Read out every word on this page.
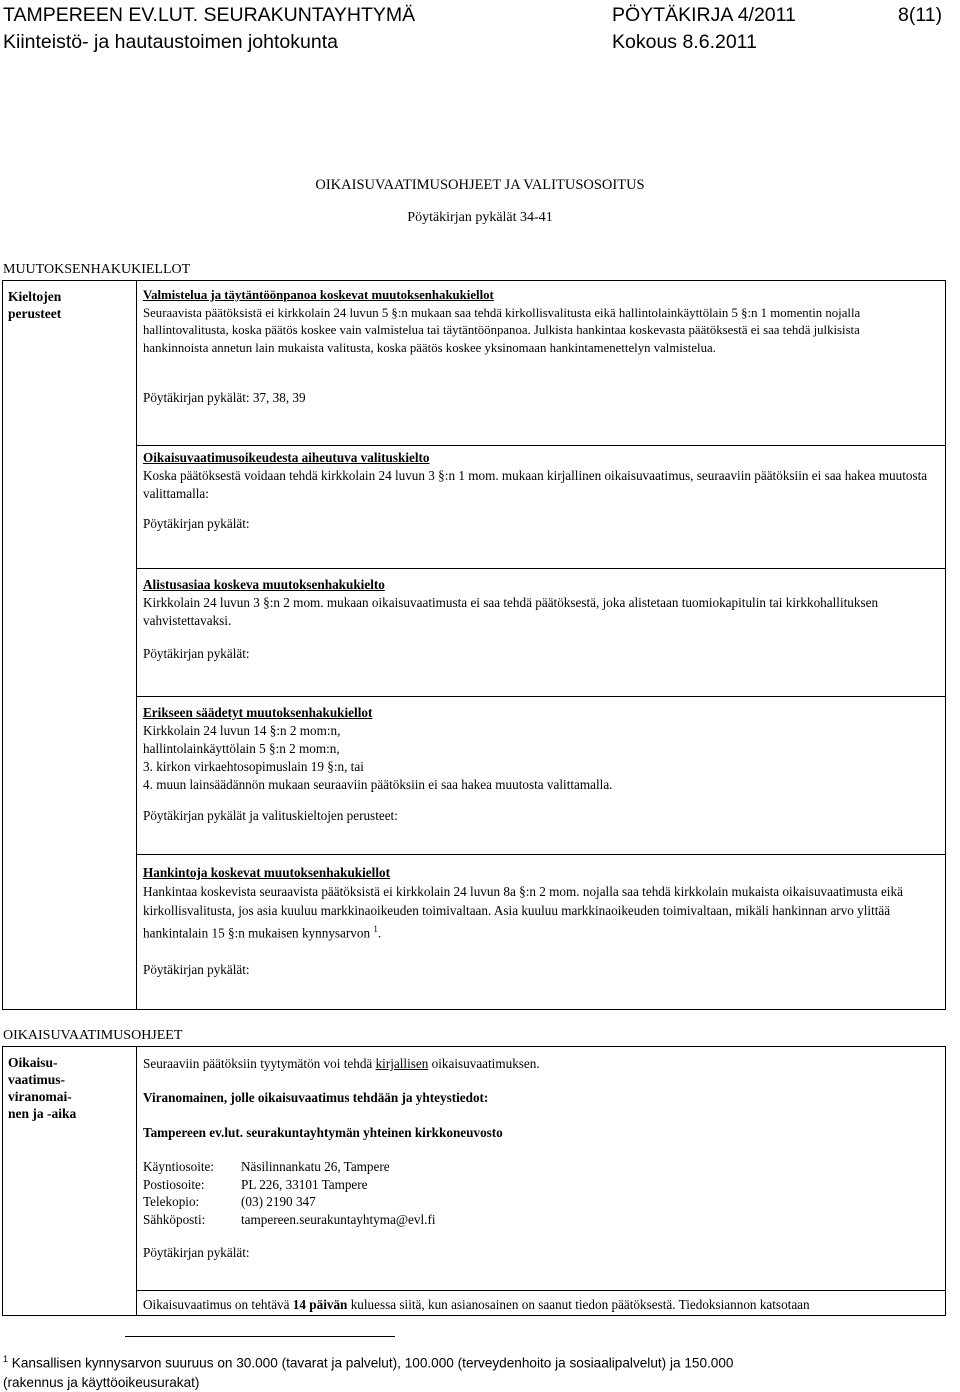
TAMPEREEN EV.LUT. SEURAKUNTAYHTYMÄ	PÖYTÄKIRJA 4/2011	8(11)
Kiinteistö- ja hautaustoimen johtokunta	Kokous 8.6.2011
OIKAISUVAATIMUSOHJEET JA VALITUSOSOITUS
Pöytäkirjan pykälät 34-41
MUUTOKSENHAKUKIELLOT
Kieltojen
perusteet

Valmistelua ja täytäntöönpanoa koskevat muutoksenhakukiellot

Seuraavista päätöksistä ei kirkkolain 24 luvun 5 §:n mukaan saa tehdä kirkollisvalitusta eikä hallintolainkäyttölain 5 §:n 1 momentin nojalla hallintovalitusta, koska päätös koskee vain valmistelua tai täytäntöönpanoa. Julkista hankintaa koskevasta päätöksestä ei saa tehdä julkisista hankinnoista annetun lain mukaista valitusta, koska päätös koskee yksinomaan hankintamenettelyn valmistelua.

Pöytäkirjan pykälät: 37, 38, 39

Oikaisuvaatimusoikeudesta aiheutuva valituskielto

Koska päätöksestä voidaan tehdä kirkkolain 24 luvun 3 §:n 1 mom. mukaan kirjallinen oikaisuvaatimus, seuraaviin päätöksiin ei saa hakea muutosta valittamalla:

Pöytäkirjan pykälät:

Alistusasiaa koskeva muutoksenhakukielto

Kirkkolain 24 luvun 3 §:n 2 mom. mukaan oikaisuvaatimusta ei saa tehdä päätöksestä, joka alistetaan tuomiokapitulin tai kirkkohallituksen vahvistettavaksi.

Pöytäkirjan pykälät:

Erikseen säädetyt muutoksenhakukiellot

Kirkkolain 24 luvun 14 §:n 2 mom:n,

hallintolainkäyttölain 5 §:n 2 mom:n,

3. kirkon virkaehtosopimuslain 19 §:n, tai

4. muun lainsäädännön mukaan seuraaviin päätöksiin ei saa hakea muutosta valittamalla.

Pöytäkirjan pykälät ja valituskieltojen perusteet:

Hankintoja koskevat muutoksenhakukiellot

Hankintaa koskevista seuraavista päätöksistä ei kirkkolain 24 luvun 8a §:n 2 mom. nojalla saa tehdä kirkkolain mukaista oikaisuvaatimusta eikä kirkollisvalitusta, jos asia kuuluu markkinaoikeuden toimivaltaan. Asia kuuluu markkinaoikeuden toimivaltaan, mikäli hankinnan arvo ylittää hankintalain 15 §:n mukaisen kynnysarvon $^1$.

Pöytäkirjan pykälät:
OIKAISUVAATIMUSOHJEET
Oikaisu-
vaatimus-
viranomai-
nen ja -aika
Seuraaviin päätöksiin tyytymätön voi tehdä kirjallisen oikaisuvaatimuksen.
Viranomainen, jolle oikaisuvaatimus tehdään ja yhteystiedot:
Tampereen ev.lut. seurakuntayhtymän yhteinen kirkkoneuvosto
Käyntiosoite: Näsilinnankatu 26, Tampere
Postiosoite:	PL 226, 33101 Tampere
Telekopio:	(03) 2190 347
Sähköposti:	tampereen.seurakuntayhtyma@evl.fi
Pöytäkirjan pykälät:
Oikaisuvaatimus on tehtävä 14 päivän kuluessa siitä, kun asianosainen on saanut tiedon päätöksestä. Tiedoksiannon katsotaan
$^1$ Kansallisen kynnysarvon suuruus on 30.000 (tavarat ja palvelut), 100.000 (terveydenhoito ja sosiaalipalvelut) ja 150.000
(rakennus ja käyttöoikeusurakat)
